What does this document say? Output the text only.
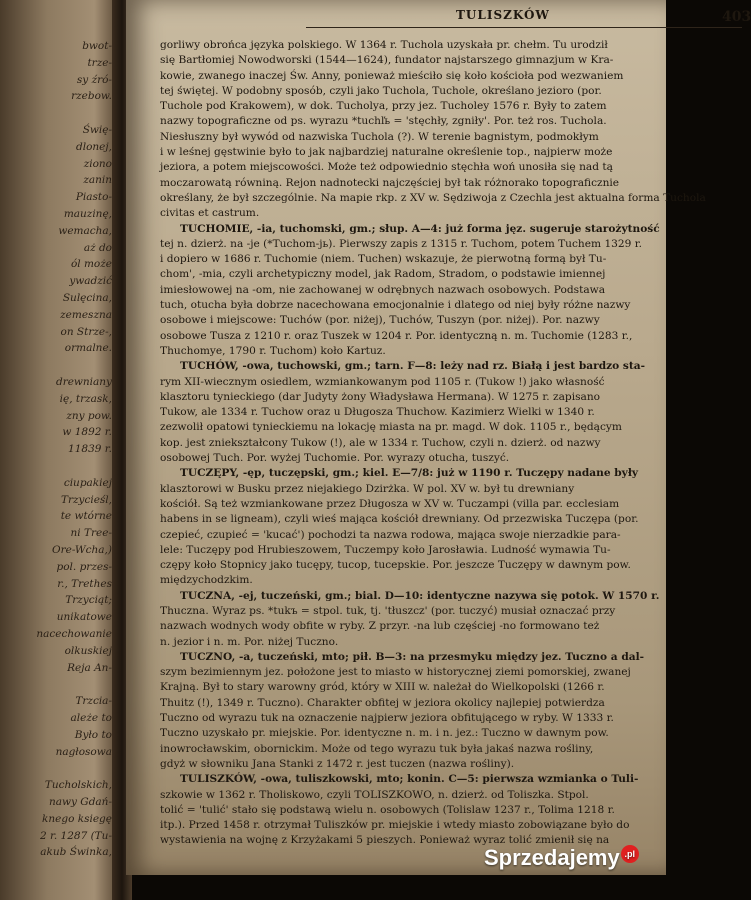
bwot-
trze-
sy źró-
rzebow.
Świę-
dlonej,
ziono
zanin
Piasto-
mauzinę,
wemacha,
aż do
ól może
ywadzić
Sulęcina,
zemeszna
on Strze-,
ormalne.
drewniany
ię, trzask,
zny pow.
w 1892 r.
11839 r.
ciupakiej
Trzycieśl,
te wtórne
ni Tree-
Ore-Wcha,)
pol. przes-
r., Trethes
Trzyciąt;
unikatowe
nacechowanie
olkuskiej
Reja An-
Trzcia-
ależe to
Było to
nagłosowa
Tucholskich,
nawy Gdań-
knego ksiegę
2 r. 1287 (Tu-
akub Świnka,
TULISZKÓW	403

gorliwy obrońca języka polskiego. W 1364 r. Tuchola uzyskała pr. chełm. Tu urodził
się Bartłomiej Nowodworski (1544—1624), fundator najstarszego gimnazjum w Kra-
kowie, zwanego inaczej Św. Anny, ponieważ mieściło się koło kościoła pod wezwaniem
tej świętej. W podobny sposób, czyli jako Tuchola, Tuchole, określano jezioro (por.
Tuchole pod Krakowem), w dok. Tucholya, przy jez. Tucholey 1576 r. Były to zatem
nazwy topograficzne od ps. wyrazu *tuchľь = 'stęchły, zgniły'. Por. też ros. Tuchola.
Niesłuszny był wywód od nazwiska Tuchola (?). W terenie bagnistym, podmokłym
i w leśnej gęstwinie było to jak najbardziej naturalne określenie top., najpierw może
jeziora, a potem miejscowości. Może też odpowiednio stęchła woń unosiła się nad tą
moczarowatą równiną. Rejon nadnotecki najczęściej był tak różnorako topograficznie
określany, że był szczególnie. Na mapie rkp. z XV w. Sędziwoja z Czechla jest aktualna forma Tuchola
civitas et castrum.

TUCHOMIE, -ia, tuchomski, gm.; słup. A—4: już forma jęz. sugeruje starożytność
tej n. dzierż. na -je (*Tuchom-jь). Pierwszy zapis z 1315 r. Tuchom, potem Tuchem 1329 r.
i dopiero w 1686 r. Tuchomie (niem. Tuchen) wskazuje, że pierwotną formą był Tu-
chom', -mia, czyli archetypiczny model, jak Radom, Stradom, o podstawie imiennej
imiesłowowej na -om, nie zachowanej w odrębnych nazwach osobowych. Podstawa
tuch, otucha była dobrze nacechowana emocjonalnie i dlatego od niej były różne nazwy
osobowe i miejscowe: Tuchów (por. niżej), Tuchów, Tuszyn (por. niżej). Por. nazwy
osobowe Tusza z 1210 r. oraz Tuszek w 1204 r. Por. identyczną n. m. Tuchomie (1283 r.,
Thuchomye, 1790 r. Tuchom) koło Kartuz.

TUCHÓW, -owa, tuchowski, gm.; tarn. F—8: leży nad rz. Białą i jest bardzo sta-
rym XII-wiecznym osiedlem, wzmiankowanym pod 1105 r. (Tukow !) jako własność
klasztoru tynieckiego (dar Judyty żony Władysława Hermana). W 1275 r. zapisano
Tukow, ale 1334 r. Tuchow oraz u Długosza Thuchow. Kazimierz Wielki w 1340 r.
zezwolił opatowi tynieckiemu na lokację miasta na pr. magd. W dok. 1105 r., będącym
kop. jest zniekształcony Tukow (!), ale w 1334 r. Tuchow, czyli n. dzierż. od nazwy
osobowej Tuch. Por. wyżej Tuchomie. Por. wyrazy otucha, tuszyć.

TUCZĘPY, -ęp, tuczępski, gm.; kiel. E—7/8: już w 1190 r. Tuczępy nadane były
klasztorowi w Busku przez niejakiego Dzirżka. W pol. XV w. był tu drewniany
kościół. Są też wzmiankowane przez Długosza w XV w. Tuczampi (villa par. ecclesiam
habens in se ligneam), czyli wieś mająca kościół drewniany. Od przezwiska Tuczępa (por.
czepieć, czupieć = 'kucać') pochodzi ta nazwa rodowa, mająca swoje nierzadkie para-
lele: Tuczępy pod Hrubieszowem, Tuczempy koło Jarosławia. Ludność wymawia Tu-
czępy koło Stopnicy jako tucępy, tucop, tucepskie. Por. jeszcze Tuczępy w dawnym pow.
międzychodzkim.

TUCZNA, -ej, tuczeński, gm.; bial. D—10: identyczne nazywa się potok. W 1570 r.
Thuczna. Wyraz ps. *tukъ = stpol. tuk, tj. 'tłuszcz' (por. tuczyć) musiał oznaczać przy
nazwach wodnych wody obfite w ryby. Z przyr. -na lub częściej -no formowano też
n. jezior i n. m. Por. niżej Tuczno.

TUCZNO, -a, tuczeński, mto; pił. B—3: na przesmyku między jez. Tuczno a dal-
szym bezimiennym jez. położone jest to miasto w historycznej ziemi pomorskiej, zwanej
Krajną. Był to stary warowny gród, który w XIII w. należał do Wielkopolski (1266 r.
Thuitz (!), 1349 r. Tuczno). Charakter obfitej w jeziora okolicy najlepiej potwierdza
Tuczno od wyrazu tuk na oznaczenie najpierw jeziora obfitującego w ryby. W 1333 r.
Tuczno uzyskało pr. miejskie. Por. identyczne n. m. i n. jez.: Tuczno w dawnym pow.
inowrocławskim, obornickim. Może od tego wyrazu tuk była jakaś nazwa rośliny,
gdyż w słowniku Jana Stanki z 1472 r. jest tuczen (nazwa rośliny).

TULISZKÓW, -owa, tuliszkowski, mto; konin. C—5: pierwsza wzmianka o Tuli-
szkowie w 1362 r. Tholiskowo, czyli TOLISZKOWO, n. dzierż. od Toliszka. Stpol.
tolić = 'tulić' stało się podstawą wielu n. osobowych (Tolislaw 1237 r., Tolima 1218 r.
itp.). Przed 1458 r. otrzymał Tuliszków pr. miejskie i wtedy miasto zobowiązane było do
wystawienia na wojnę z Krzyżakami 5 pieszych. Ponieważ wyraz tolić zmienił się na

Sprzedajemy .pl
